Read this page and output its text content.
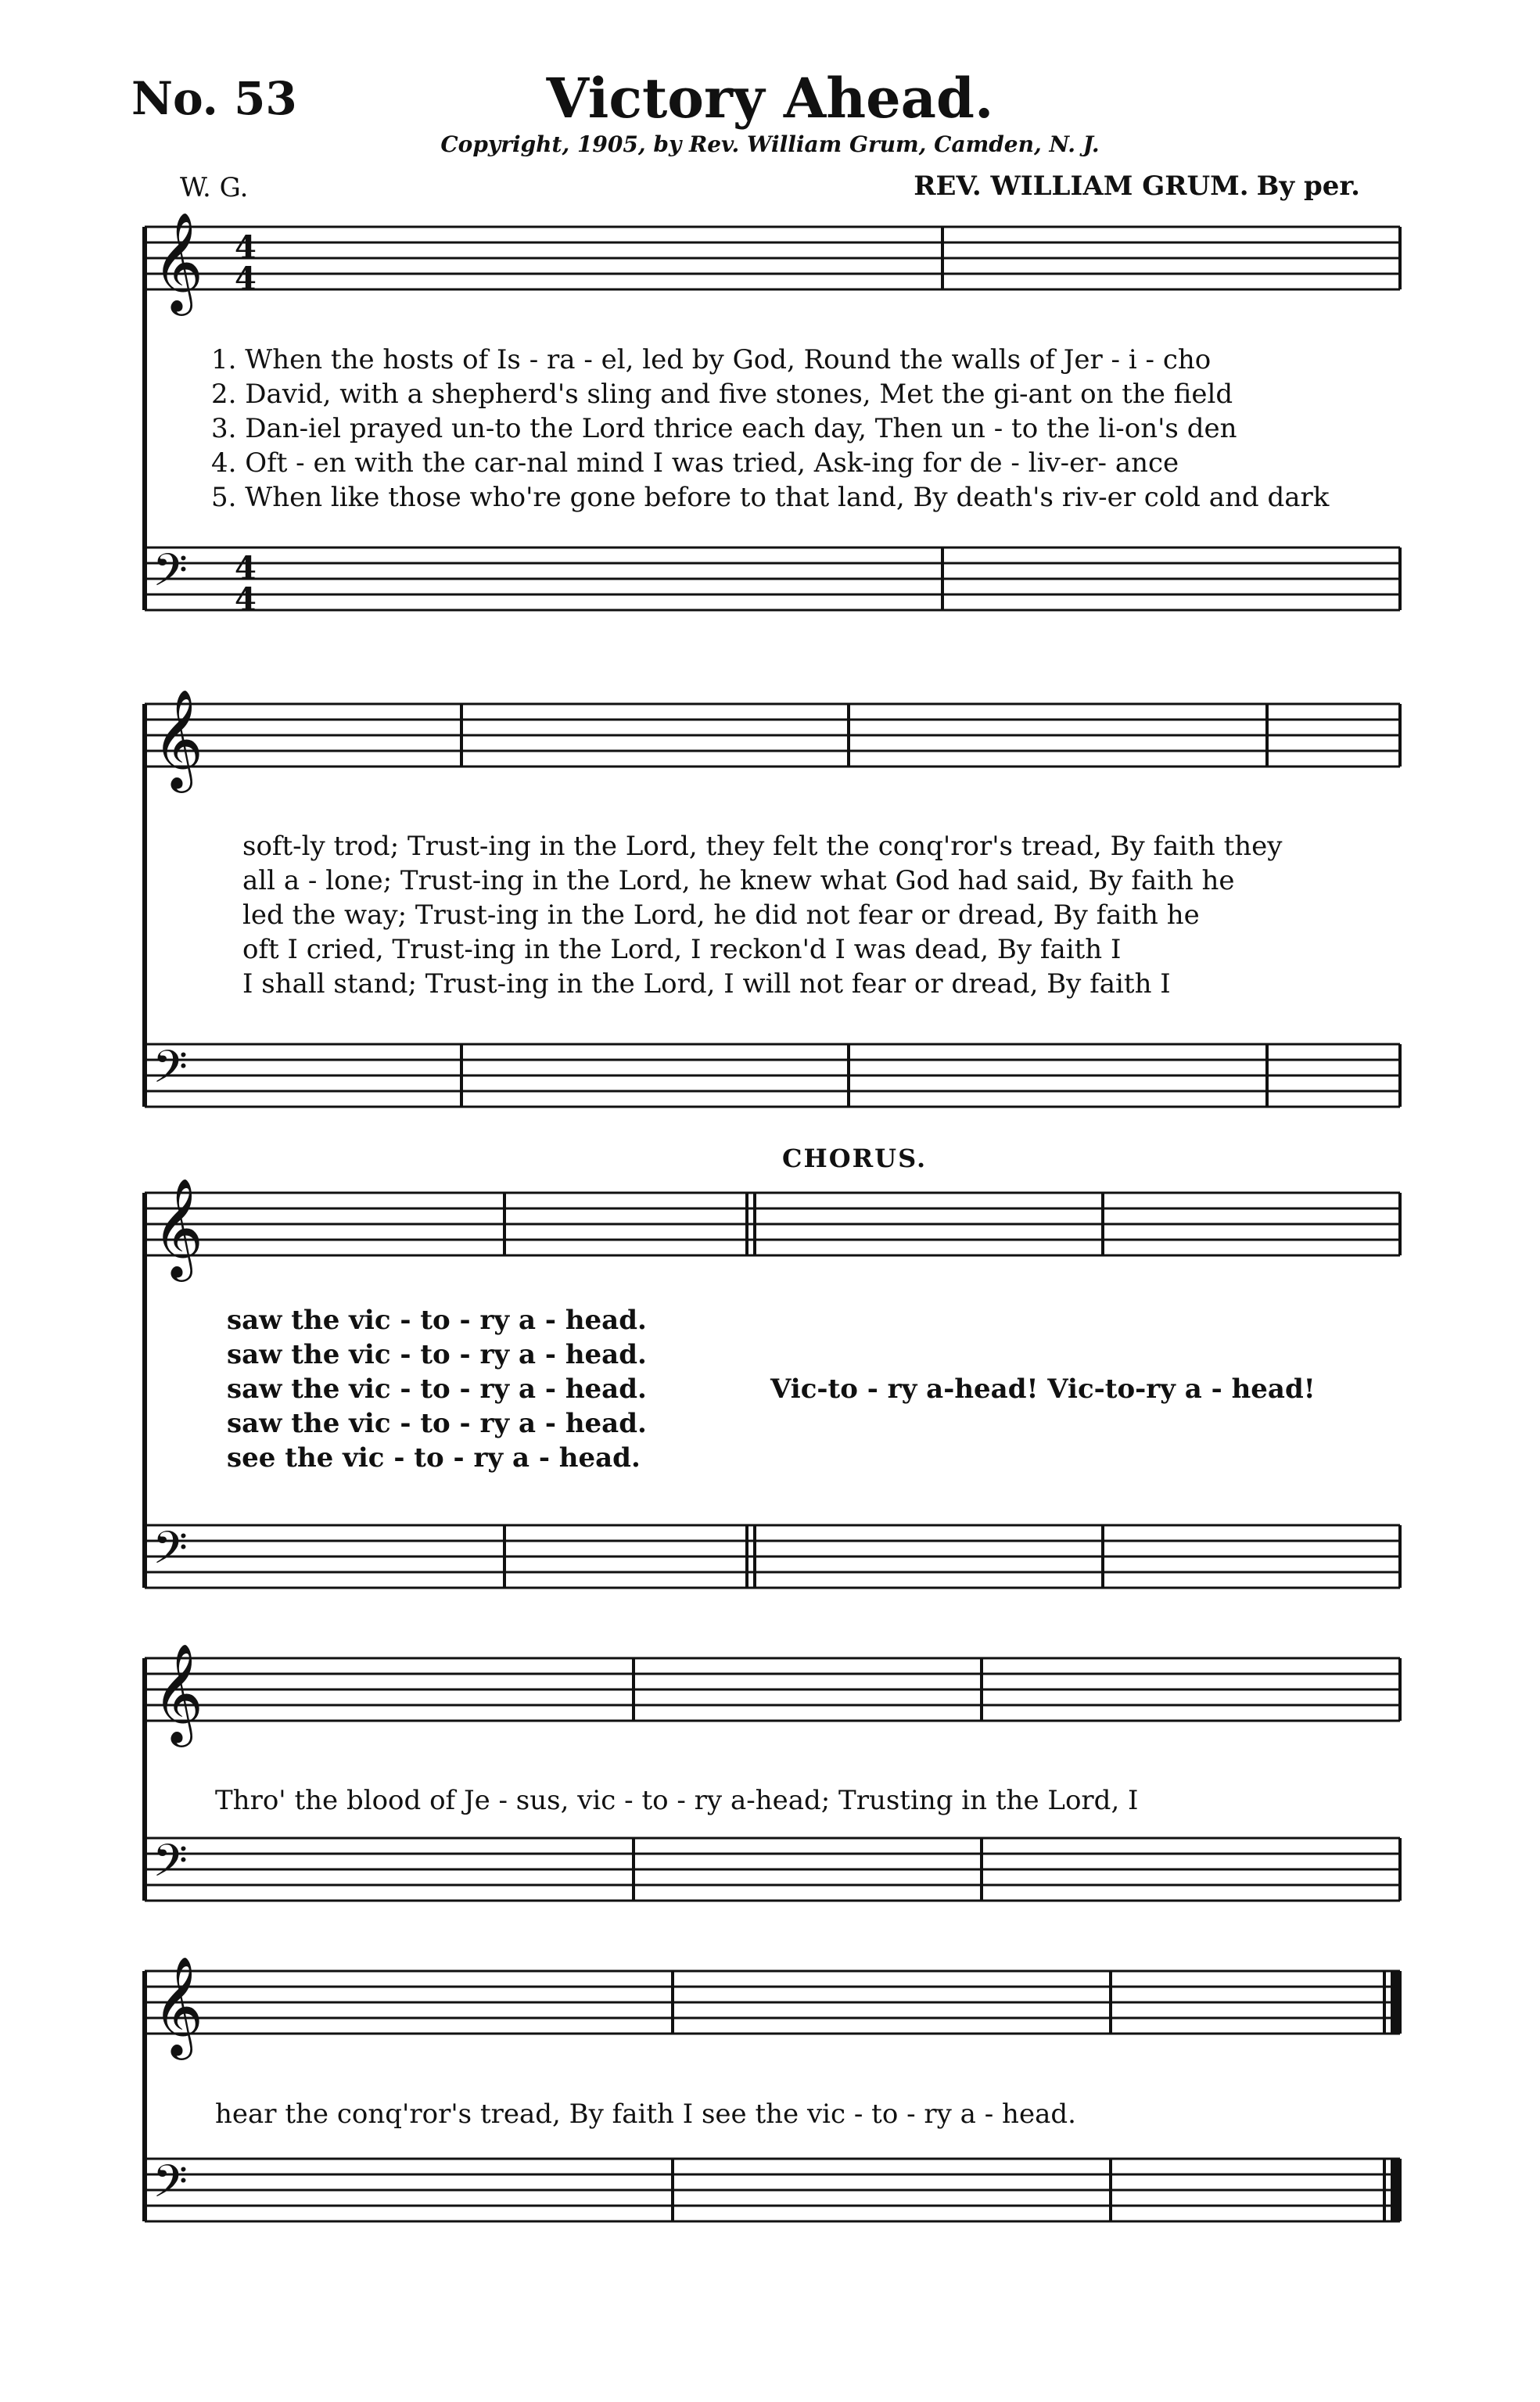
No. 53	Victory Ahead.
Copyright, 1905, by Rev. William Grum, Camden, N. J.
W. G.	REV. WILLIAM GRUM. By per.
𝄞
𝄢
𝄞
𝄢
𝄞
𝄢
𝄞
𝄢
𝄞
𝄢
4
4
4
4
1. When the hosts of Is - ra - el, led by God, Round the walls of Jer - i - cho
2. David, with a shepherd's sling and five stones, Met the gi-ant on the field
3. Dan-iel prayed un-to the Lord thrice each day, Then un - to the li-on's den
4. Oft - en with the car-nal mind I was tried, Ask-ing for de - liv-er- ance
5. When like those who're gone before to that land, By death's riv-er cold and dark
soft-ly trod; Trust-ing in the Lord, they felt the conq'ror's tread, By faith they
all a - lone; Trust-ing in the Lord, he knew what God had said, By faith he
led the way; Trust-ing in the Lord, he did not fear or dread, By faith he
oft I cried, Trust-ing in the Lord, I reckon'd I was dead, By faith I
I shall stand; Trust-ing in the Lord, I will not fear or dread, By faith I
CHORUS.
saw the vic - to - ry a - head.
saw the vic - to - ry a - head.
saw the vic - to - ry a - head.
saw the vic - to - ry a - head.
see the vic - to - ry a - head.
Vic-to - ry a-head! Vic-to-ry a - head!
Thro' the blood of Je - sus, vic - to - ry a-head; Trusting in the Lord, I
hear the conq'ror's tread, By faith I see the vic - to - ry a - head.
